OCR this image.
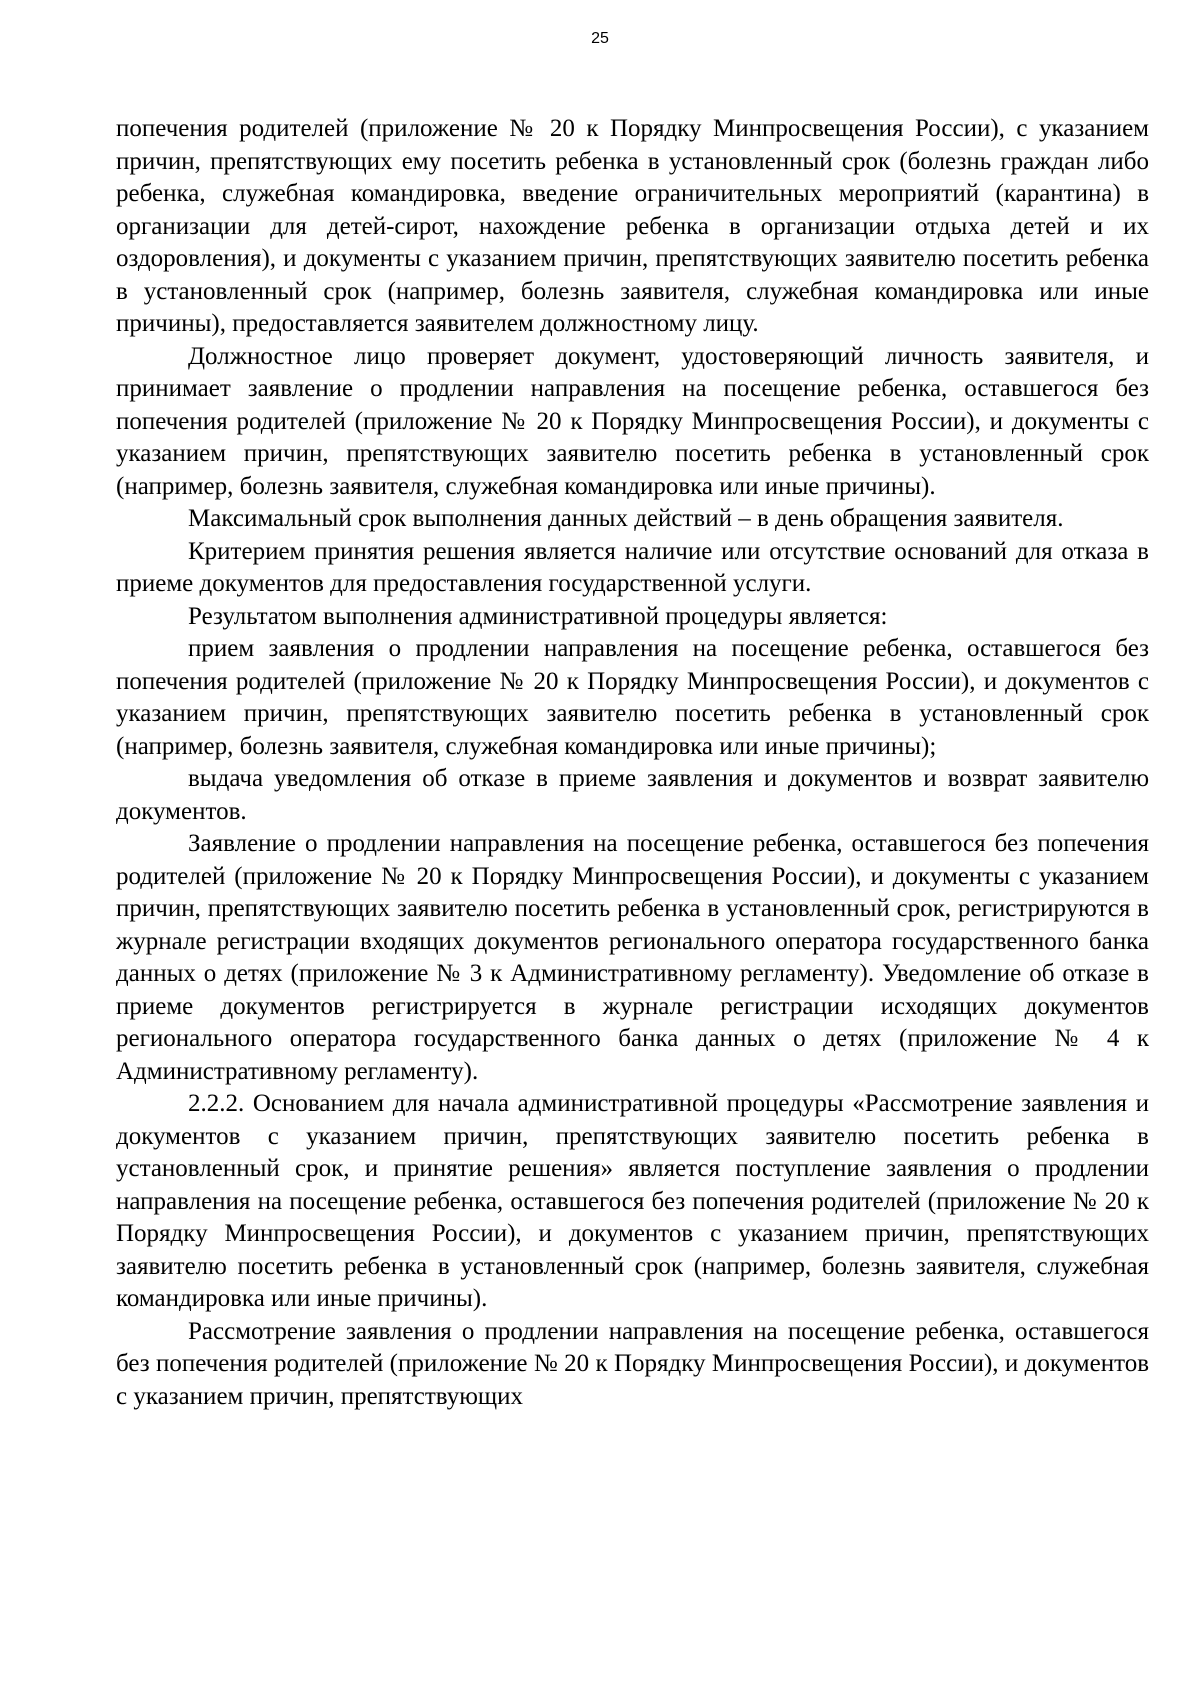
25

попечения родителей (приложение № 20 к Порядку Минпросвещения России), с указанием причин, препятствующих ему посетить ребенка в установленный срок (болезнь граждан либо ребенка, служебная командировка, введение ограничительных мероприятий (карантина) в организации для детей-сирот, нахождение ребенка в организации отдыха детей и их оздоровления), и документы с указанием причин, препятствующих заявителю посетить ребенка в установленный срок (например, болезнь заявителя, служебная командировка или иные причины), предоставляется заявителем должностному лицу.

Должностное лицо проверяет документ, удостоверяющий личность заявителя, и принимает заявление о продлении направления на посещение ребенка, оставшегося без попечения родителей (приложение № 20 к Порядку Минпросвещения России), и документы с указанием причин, препятствующих заявителю посетить ребенка в установленный срок (например, болезнь заявителя, служебная командировка или иные причины).

Максимальный срок выполнения данных действий – в день обращения заявителя.

Критерием принятия решения является наличие или отсутствие оснований для отказа в приеме документов для предоставления государственной услуги.

Результатом выполнения административной процедуры является:

прием заявления о продлении направления на посещение ребенка, оставшегося без попечения родителей (приложение № 20 к Порядку Минпросвещения России), и документов с указанием причин, препятствующих заявителю посетить ребенка в установленный срок (например, болезнь заявителя, служебная командировка или иные причины);

выдача уведомления об отказе в приеме заявления и документов и возврат заявителю документов.

Заявление о продлении направления на посещение ребенка, оставшегося без попечения родителей (приложение № 20 к Порядку Минпросвещения России), и документы с указанием причин, препятствующих заявителю посетить ребенка в установленный срок, регистрируются в журнале регистрации входящих документов регионального оператора государственного банка данных о детях (приложение № 3 к Административному регламенту). Уведомление об отказе в приеме документов регистрируется в журнале регистрации исходящих документов регионального оператора государственного банка данных о детях (приложение № 4 к Административному регламенту).

2.2.2. Основанием для начала административной процедуры «Рассмотрение заявления и документов с указанием причин, препятствующих заявителю посетить ребенка в установленный срок, и принятие решения» является поступление заявления о продлении направления на посещение ребенка, оставшегося без попечения родителей (приложение № 20 к Порядку Минпросвещения России), и документов с указанием причин, препятствующих заявителю посетить ребенка в установленный срок (например, болезнь заявителя, служебная командировка или иные причины).

Рассмотрение заявления о продлении направления на посещение ребенка, оставшегося без попечения родителей (приложение № 20 к Порядку Минпросвещения России), и документов с указанием причин, препятствующих
